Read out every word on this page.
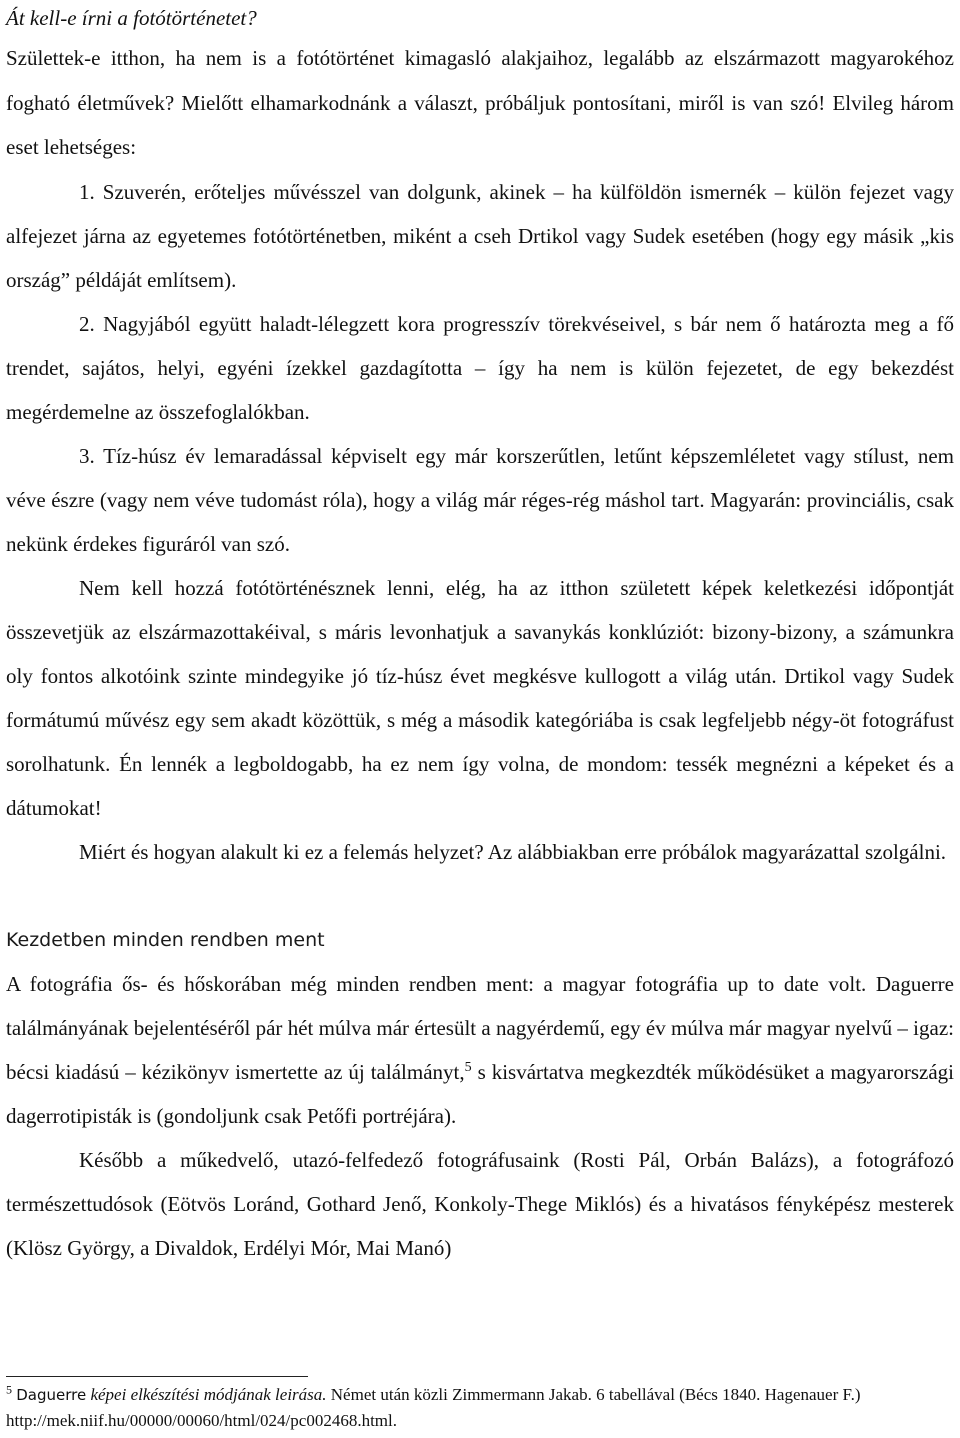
Át kell-e írni a fotótörténetet?

Születtek-e itthon, ha nem is a fotótörténet kimagasló alakjaihoz, legalább az elszármazott magyarokéhoz fogható életművek? Mielőtt elhamarkodnánk a választ, próbáljuk pontosítani, miről is van szó! Elvileg három eset lehetséges:

1. Szuverén, erőteljes művésszel van dolgunk, akinek – ha külföldön ismernék – külön fejezet vagy alfejezet járna az egyetemes fotótörténetben, miként a cseh Drtikol vagy Sudek esetében (hogy egy másik „kis ország” példáját említsem).

2. Nagyjából együtt haladt-lélegzett kora progresszív törekvéseivel, s bár nem ő határozta meg a fő trendet, sajátos, helyi, egyéni ízekkel gazdagította – így ha nem is külön fejezetet, de egy bekezdést megérdemelne az összefoglalókban.

3. Tíz-húsz év lemaradással képviselt egy már korszerűtlen, letűnt képszemléletet vagy stílust, nem véve észre (vagy nem véve tudomást róla), hogy a világ már réges-rég máshol tart. Magyarán: provinciális, csak nekünk érdekes figuráról van szó.

Nem kell hozzá fotótörténésznek lenni, elég, ha az itthon született képek keletkezési időpontját összevetjük az elszármazottakéival, s máris levonhatjuk a savanykás konklúziót: bizony-bizony, a számunkra oly fontos alkotóink szinte mindegyike jó tíz-húsz évet megkésve kullogott a világ után. Drtikol vagy Sudek formátumú művész egy sem akadt közöttük, s még a második kategóriába is csak legfeljebb négy-öt fotográfust sorolhatunk. Én lennék a legboldogabb, ha ez nem így volna, de mondom: tessék megnézni a képeket és a dátumokat!

Miért és hogyan alakult ki ez a felemás helyzet? Az alábbiakban erre próbálok magyarázattal szolgálni.

Kezdetben minden rendben ment

A fotográfia ős- és hőskorában még minden rendben ment: a magyar fotográfia up to date volt. Daguerre találmányának bejelentéséről pár hét múlva már értesült a nagyérdemű, egy év múlva már magyar nyelvű – igaz: bécsi kiadású – kézikönyv ismertette az új találmányt,$^5$ s kisvártatva megkezdték működésüket a magyarországi dagerrotipisták is (gondoljunk csak Petőfi portréjára).

Később a műkedvelő, utazó-felfedező fotográfusaink (Rosti Pál, Orbán Balázs), a fotográfozó természettudósok (Eötvös Loránd, Gothard Jenő, Konkoly-Thege Miklós) és a hivatásos fényképész mesterek (Klösz György, a Divaldok, Erdélyi Mór, Mai Manó)

$^5$ Daguerre képei elkészítési módjának leirása. Német után közli Zimmermann Jakab. 6 tabellával (Bécs 1840. Hagenauer F.) http://mek.niif.hu/00000/00060/html/024/pc002468.html.
